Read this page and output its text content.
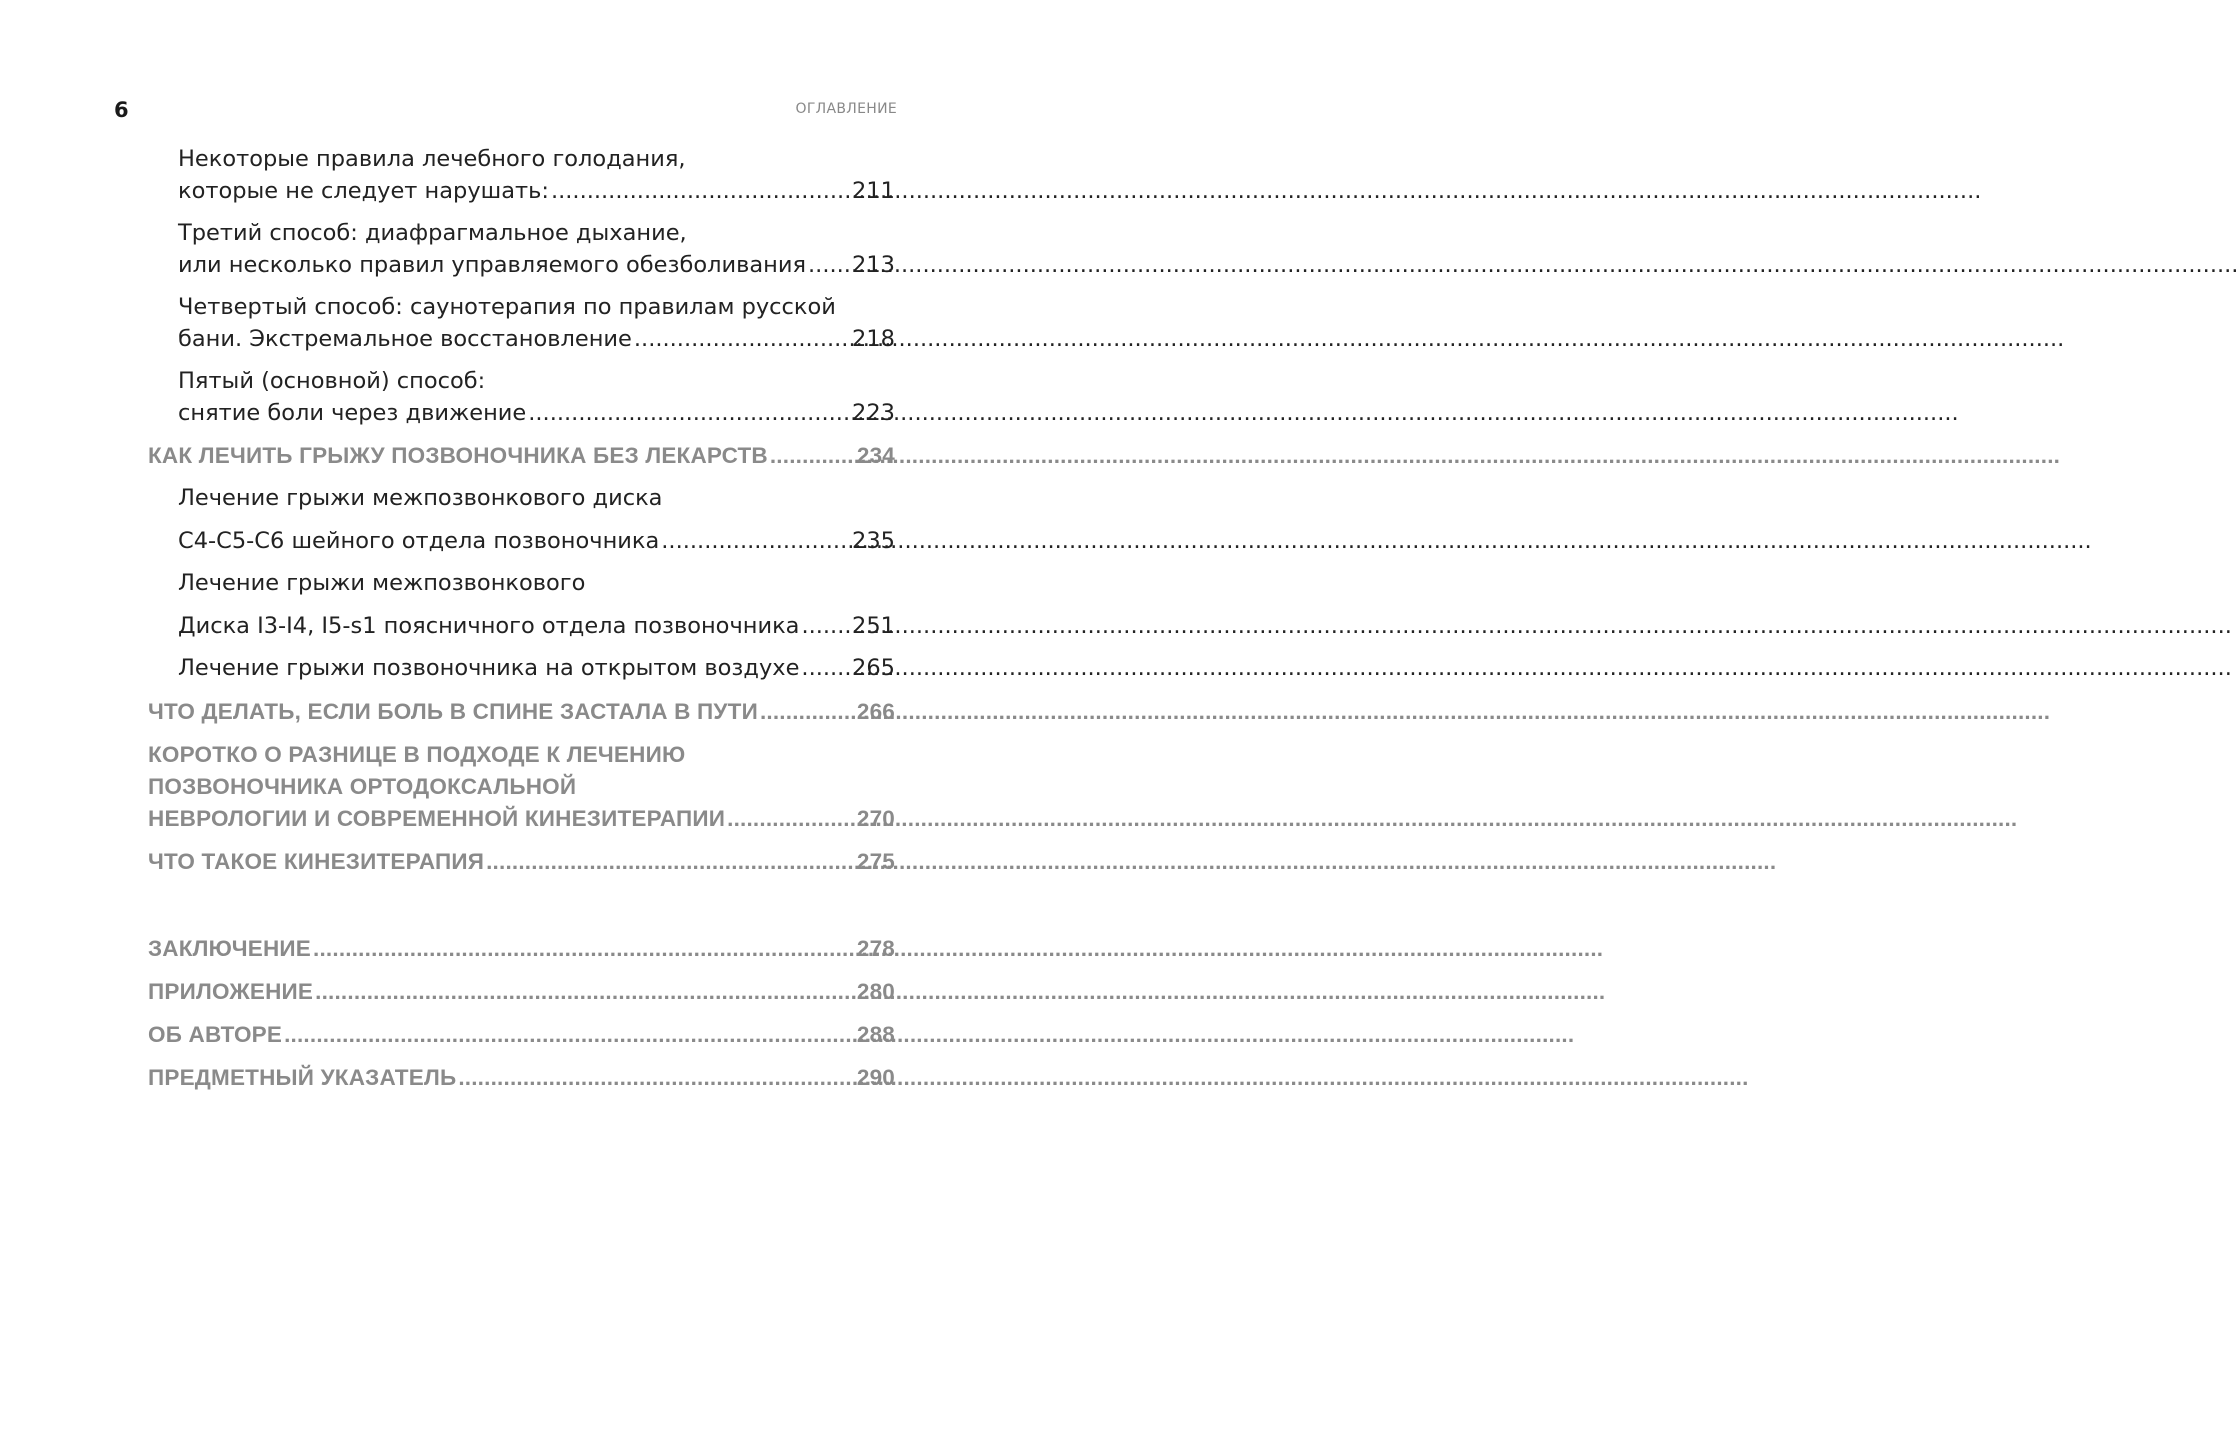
6	ОГЛАВЛЕНИЕ
Некоторые правила лечебного голодания,
которые не следует нарушать: .....	211
Третий способ: диафрагмальное дыхание,
или несколько правил управляемого обезболивания ..... 213
Четвертый способ: саунотерапия по правилам русской
бани. Экстремальное восстановление .....	218
Пятый (основной) способ:
снятие боли через движение .....	223
КАК ЛЕЧИТЬ ГРЫЖУ ПОЗВОНОЧНИКА БЕЗ ЛЕКАРСТВ .....	234
Лечение грыжи межпозвонкового диска
С4-С5-С6 шейного отдела позвоночника .....	235
Лечение грыжи межпозвонкового
Диска I3-I4, I5-s1 поясничного отдела позвоночника ..... 251
Лечение грыжи позвоночника на открытом воздухе ..... 265
ЧТО ДЕЛАТЬ, ЕСЛИ БОЛЬ В СПИНЕ ЗАСТАЛА В ПУТИ .....	266
КОРОТКО О РАЗНИЦЕ В ПОДХОДЕ К ЛЕЧЕНИЮ
ПОЗВОНОЧНИКА ОРТОДОКСАЛЬНОЙ
НЕВРОЛОГИИ И СОВРЕМЕННОЙ КИНЕЗИТЕРАПИИ .....	270
ЧТО ТАКОЕ КИНЕЗИТЕРАПИЯ .....	275
ЗАКЛЮЧЕНИЕ .....	278
ПРИЛОЖЕНИЕ .....	280
ОБ АВТОРЕ .....	288
ПРЕДМЕТНЫЙ УКАЗАТЕЛЬ .....	290
